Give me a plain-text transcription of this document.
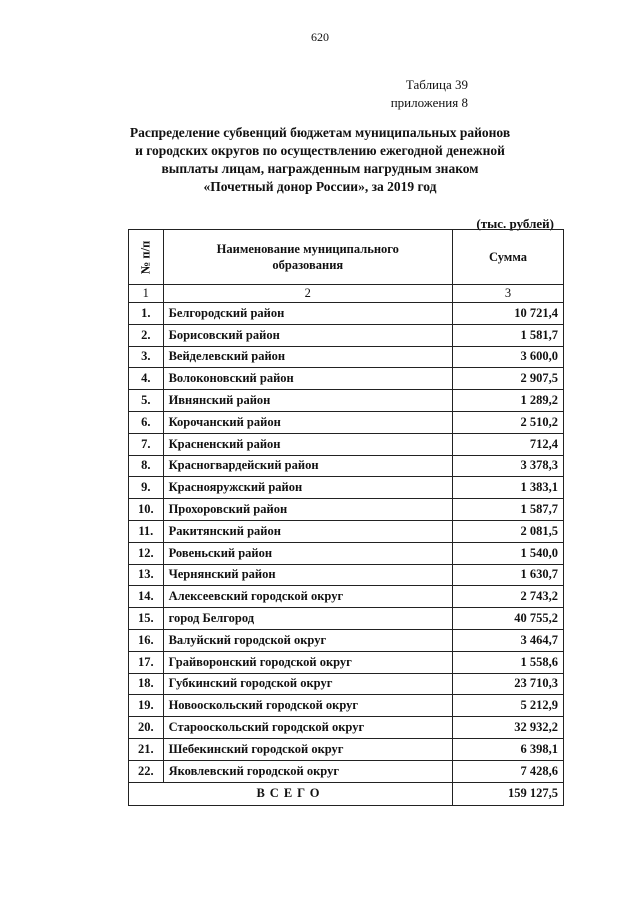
620
Таблица 39
приложения 8
Распределение субвенций бюджетам муниципальных районов
и городских округов по осуществлению ежегодной денежной
выплаты лицам, награжденным нагрудным знаком
«Почетный донор России», за 2019 год
(тыс. рублей)
№ п/п	Наименование муниципального
образования	Сумма
1	2	3
1.	Белгородский район	10 721,4
2.	Борисовский район	1 581,7
3.	Вейделевский район	3 600,0
4.	Волоконовский район	2 907,5
5.	Ивнянский район	1 289,2
6.	Корочанский район	2 510,2
7.	Красненский район	712,4
8.	Красногвардейский район	3 378,3
9.	Краснояружский район	1 383,1
10.	Прохоровский район	1 587,7
11.	Ракитянский район	2 081,5
12.	Ровеньский район	1 540,0
13.	Чернянский район	1 630,7
14.	Алексеевский городской округ	2 743,2
15.	город Белгород	40 755,2
16.	Валуйский городской округ	3 464,7
17.	Грайворонский городской округ	1 558,6
18.	Губкинский городской округ	23 710,3
19.	Новооскольский городской округ	5 212,9
20.	Старооскольский городской округ	32 932,2
21.	Шебекинский городской округ	6 398,1
22.	Яковлевский городской округ	7 428,6
ВСЕГО		159 127,5
